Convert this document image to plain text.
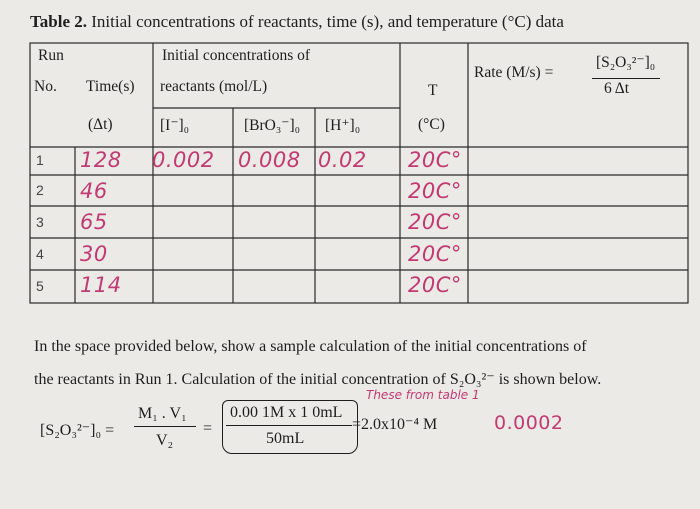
Table 2. Initial concentrations of reactants, time (s), and temperature (°C) data
Run
No. Time(s)
(Δt)
Initial concentrations of
reactants (mol/L)
[I⁻]₀	[BrO₃⁻]₀ [H⁺]₀
T
(°C)
Rate (M/s) =
[S₂O₃²⁻]₀
6 Δt
1
2
3
4
5
128
46
65
30
114
0.002 0.008 0.02 20C°
20C°
20C°
20C°
20C°
In the space provided below, show a sample calculation of the initial concentrations of
the reactants in Run 1. Calculation of the initial concentration of S₂O₃²⁻ is shown below.
These from table 1
[S₂O₃²⁻]₀ =
M₁ . V₁
V₂
=
0.00 1M x 1 0mL
50mL
=2.0x10⁻⁴ M	0.0002
